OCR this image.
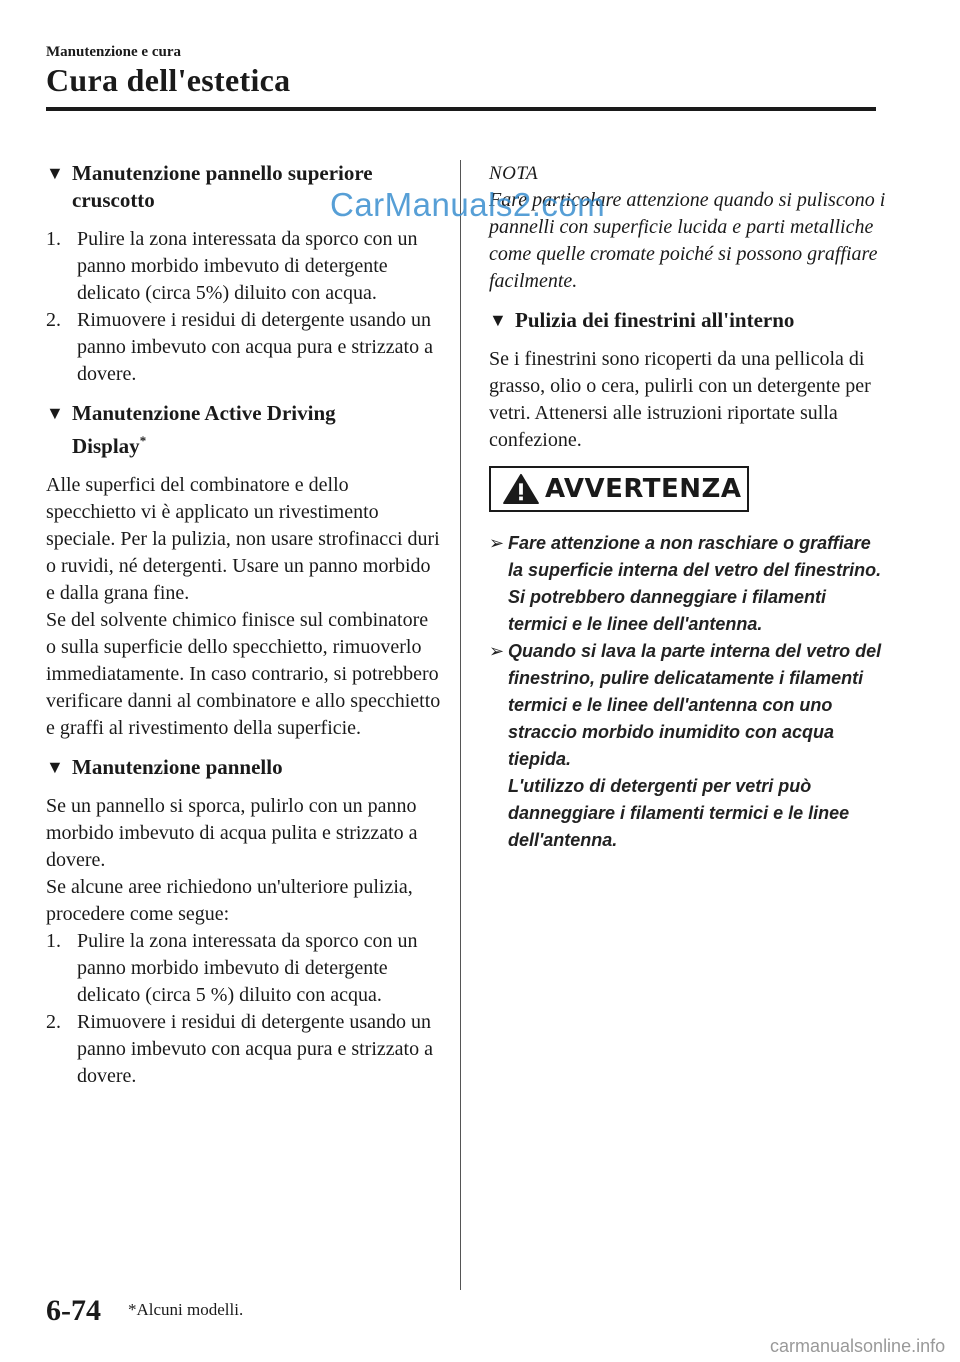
Manutenzione e cura
Cura dell'estetica
▼ Manutenzione pannello superiore
cruscotto
1. Pulire la zona interessata da sporco con un panno morbido imbevuto di detergente delicato (circa 5%) diluito con acqua.
2. Rimuovere i residui di detergente usando un panno imbevuto con acqua pura e strizzato a dovere.
▼ Manutenzione Active Driving
Display*

Alle superfici del combinatore e dello specchietto vi è applicato un rivestimento speciale. Per la pulizia, non usare strofinacci duri o ruvidi, né detergenti. Usare un panno morbido e dalla grana fine.

Se del solvente chimico finisce sul combinatore o sulla superficie dello specchietto, rimuoverlo immediatamente. In caso contrario, si potrebbero verificare danni al combinatore e allo specchietto e graffi al rivestimento della superficie.

▼ Manutenzione pannello

Se un pannello si sporca, pulirlo con un panno morbido imbevuto di acqua pulita e strizzato a dovere.

Se alcune aree richiedono un'ulteriore pulizia, procedere come segue:

1. Pulire la zona interessata da sporco con un panno morbido imbevuto di detergente delicato (circa 5 %) diluito con acqua.
2. Rimuovere i residui di detergente usando un panno imbevuto con acqua pura e strizzato a dovere.
NOTA
Fare particolare attenzione quando si puliscono i pannelli con superficie lucida e parti metalliche come quelle cromate poiché si possono graffiare facilmente.
▼ Pulizia dei finestrini all'interno

Se i finestrini sono ricoperti da una pellicola di grasso, olio o cera, pulirli con un detergente per vetri. Attenersi alle istruzioni riportate sulla confezione.

AVVERTENZA
➢ Fare attenzione a non raschiare o graffiare la superficie interna del vetro del finestrino. Si potrebbero danneggiare i filamenti termici e le linee dell'antenna.
➢ Quando si lava la parte interna del vetro del finestrino, pulire delicatamente i filamenti termici e le linee dell'antenna con uno straccio morbido inumidito con acqua tiepida.
L'utilizzo di detergenti per vetri può danneggiare i filamenti termici e le linee dell'antenna.
CarManuals2.com
6-74 *Alcuni modelli.
carmanualsonline.info
